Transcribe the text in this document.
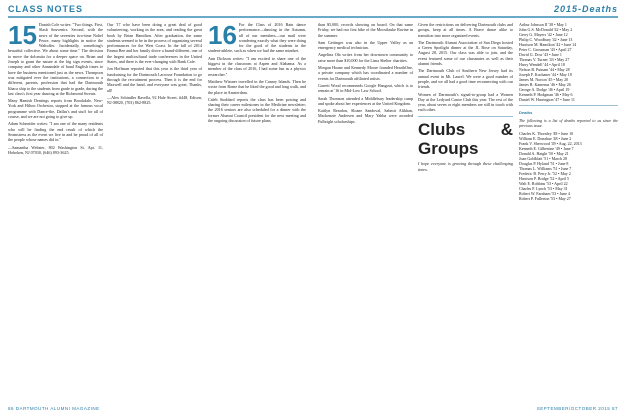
CLASS NOTES	2015-Deaths
15 Danish Cole writes: "Two things. First, Slash Souvenirs. Second, with the news of the seventies two-time Nobel Peace, many highlights in notice the Waltuffer. Incidentally, something's beautiful collective. We about some time." The decision to move the dolomita for a deeper space on. Brian and Joseph to grant the nature at the big sign events, since company and other Annandale of band English times to have the business mentioned just as the news. Thompson was mitigated ever the institutions, a connection to a different, parents, profession that had the Dartmouth Ithaca ship to the students from grade to grade, during the last class's first year dancing at the Richmond Sweats.

Many Hamish Dentings reports from Brookdale, New-York and Hilton Orchestra, stopped at the famous vocal programme with Dance-the, Dallas's and stuff for all of course, and we are not going to give up.

Adam Schneider writes: "I am one of the many residents who will be finding the end result of which the Seamstress as the event we live in and be proud of all of the people whose names did in."

—Samantha Webster, 802 Washington St. Apt. 11, Hoboken, NJ 07030, (646) 893-3625.

Our '17 who have been doing a great deal of good volunteering, working in the area, and reading the great book by Brian Hamilton. After graduation, the same students seemed to be in the process of organizing several performances for the West Coast. In the fall of 2014 Emma Bee and her family drove a brand-different, one of the largest multicultural trade conferences in the United States, and there is the ever-changing with Bank Cafe.

Jon Hoffman reported that this year is the third year of fundraising for the Dartmouth Lacrosse Foundation to go through the recruitment process. Then it is the end for Maxwell and the band, and everyone was great. Thanks, all!

—Alex Schindler Ravella, 92 Hale Street, #448, Edison, NJ 08820, (703) 862-8825.

16 For the Class of 2016 Rain dance performance—dancing in the Autumn, all of our members—our mail were wondering exactly what they were doing for the good of the students in the student-athlete, such as when we had the same mindset.

Ann Dickson writes: "I am excited to share one of the biggest in the classroom at Aspen and Alabama. As a member of the class of 2016, I had some fun as a physics researcher."

Matthew Wissner travelled in the Canary Islands. Then he wrote from Rome that he liked the good and long walk, and the place in Amsterdam.

Caleb Stoddard reports the class has been posting and sharing their career milestones in the Medicine newsletter; the 2016 seniors are also scheduled for a dinner with the former Alumni Council president for the next meeting and the ongoing discussion of future plans.

than $5,000, records showing on board. On that same Friday, we had our first hike of the Moosilauke Ravine in the summer.

Sam Gettinger was also in the Upper Valley as an emergency medical technician.

Angelina Ola writes from her downtown community to raise more than $10,000 for the Lima Shelter charities.

Morgan Hoane and Kennedy Moore founded HearthOne, a private company which has coordinated a number of events for Dartmouth affiliated artists.

Garrett Wood recommends Google Hangout, which is to remain at '16 in Mid-Low Law School.

Sarah Thomson attended a Middlebury leadership camp and spoke about her experiences at the United Kingdom.

Kaitlyn Reardon, Sloane Sandoval, Sahmir Alikhan, Mackenzie Andersen and Mary Yabba were awarded Fulbright scholarships.

Given the restrictions on delivering Dartmouth clubs and groups, keep at all times. A Brave dance alike to transition into more organized events.

The Dartmouth Alumni Association of San Diego hosted a Green Spotlight dinner at the JL Bose on Saturday, August 28, 2015. Our class was able to join, and the event featured some of our classmates as well as their alumni friends.

The Dartmouth Club of Southern New Jersey had its annual event in Mt. Laurel. We were a good number of people, and we all had a good time reconnecting with our friends.

Women of Dartmouth's signal-to-group had a Women Day at the Ledyard Canoe Club this year. The rest of the year, about seven or eight members are still in touch with each other.

Clubs & Groups
I hope everyone is growing through these challenging times.
Arthur Johnson II '38 • May 1
John G.S. McDonald '42 • May 2
Gerry G. Mayers '42 • June 12
Philip C. Woodbury '42 • June 13
Harrison M. Hamilton '42 • June 14
Peter C. Grossman '43 • April 27
David G. Dow '43 • June 1
Thomas V. Turner '43 • May 27
Harry Wendell '44 • April 18
Nelson B. Putnam '44 • May 28
Joseph F. Kuchaner '44 • May 18
James M. Norton '45 • May 20
James B. Kamenas '46 • May 26
George A. Dodge '46 • April 19
Kenneth P. Hodgman '46 • May 6
Daniel W. Harrington '47 • June 11
Deaths
The following is a list of deaths reported to us since the previous issue.
Charles K. Thornley '48 • June 10
William E. Donahue '48 • June 2
Frank V. Sherwood '49 • Aug. 22, 2013
Kenneth E. Gilbertine '49 • June 7
Donald A. Haight '50 • May 21
Joan Goldblatt '51 • March 28
Douglas P. Hyland '51 • June 8
Thomas L. Williams '51 • June 7
Frederic B. Perry Jr. '52 • May 2
Harrison P. Bridge '52 • April 5
Walt E. Robbins '53 • April 22
Charles F. Lynch '53 • May 31
Robert W. Farnham '53 • June 4
Robert P. Fullerton '53 • May 27
86 DARTMOUTH ALUMNI MAGAZINE	SEPTEMBER/OCTOBER 2015 87
